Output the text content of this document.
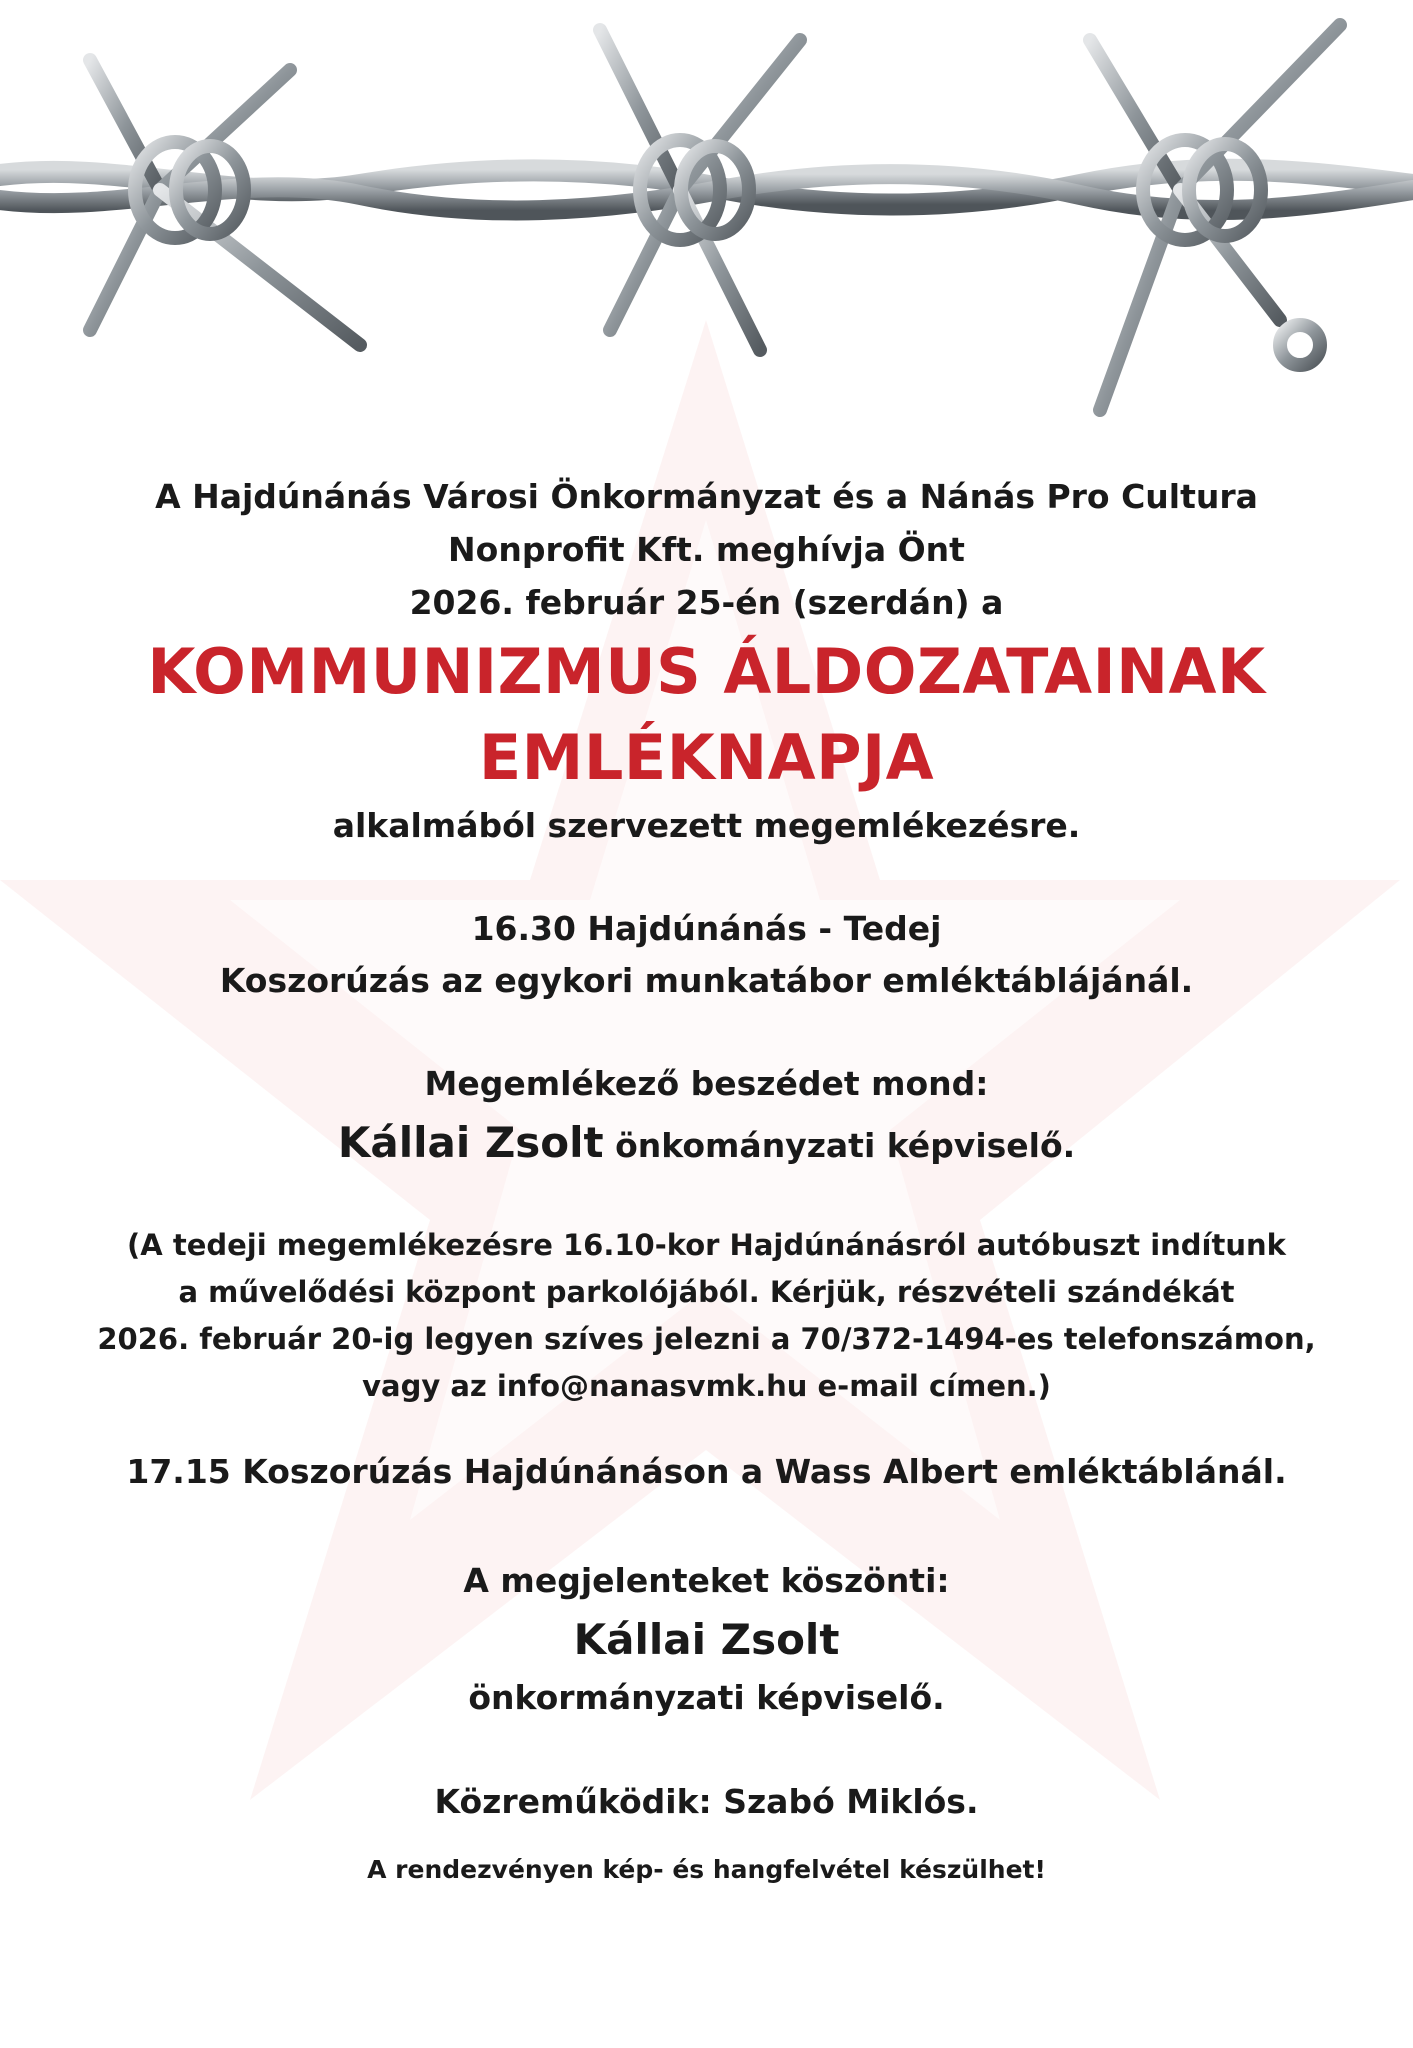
A Hajdúnánás Városi Önkormányzat és a Nánás Pro Cultura
Nonprofit Kft. meghívja Önt
2026. február 25-én (szerdán) a
KOMMUNIZMUS ÁLDOZATAINAK
EMLÉKNAPJA
alkalmából szervezett megemlékezésre.
16.30 Hajdúnánás - Tedej
Koszorúzás az egykori munkatábor emléktáblájánál.
Megemlékező beszédet mond:
Kállai Zsolt önkományzati képviselő.
(A tedeji megemlékezésre 16.10-kor Hajdúnánásról autóbuszt indítunk
a művelődési központ parkolójából. Kérjük, részvételi szándékát
2026. február 20-ig legyen szíves jelezni a 70/372-1494-es telefonszámon,
vagy az info@nanasvmk.hu e-mail címen.)
17.15 Koszorúzás Hajdúnánáson a Wass Albert emléktáblánál.
A megjelenteket köszönti:
Kállai Zsolt
önkormányzati képviselő.
Közreműködik: Szabó Miklós.
A rendezvényen kép- és hangfelvétel készülhet!
